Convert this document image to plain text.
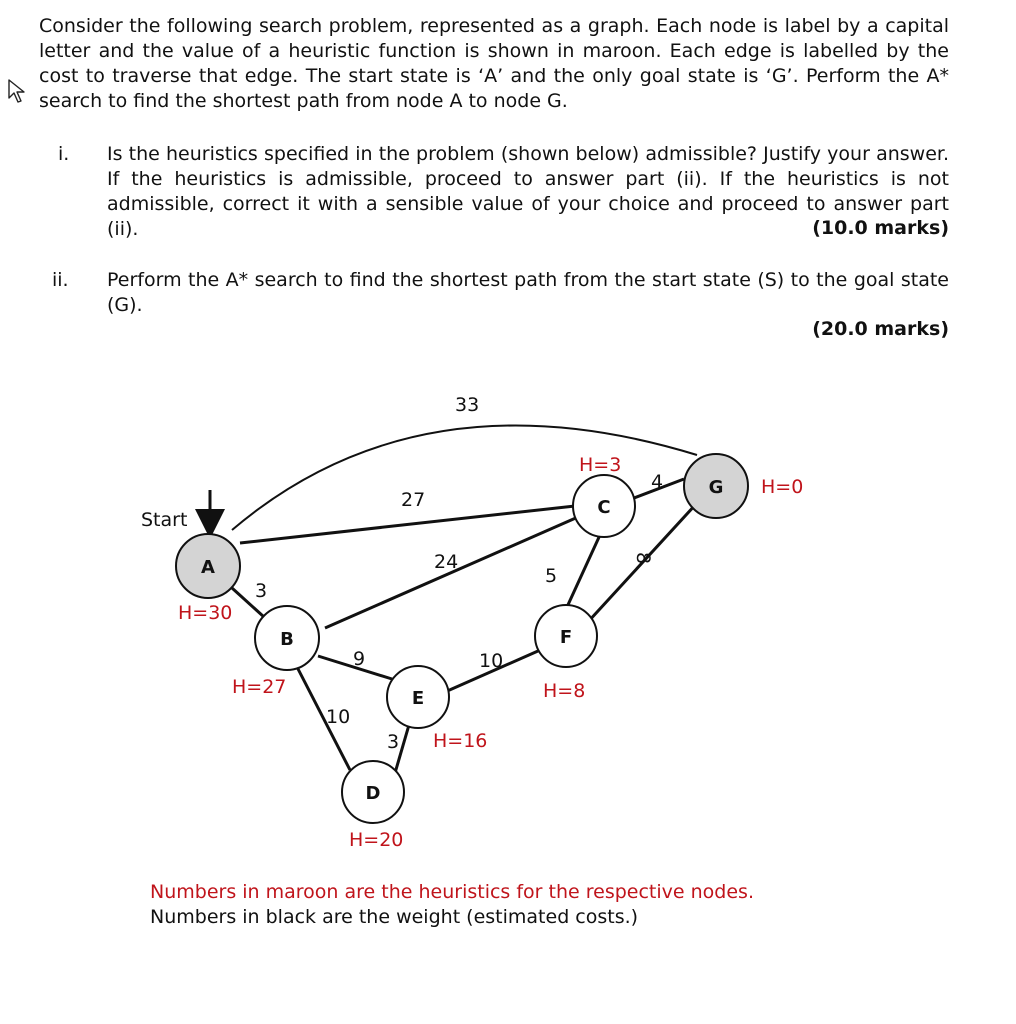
Consider the following search problem, represented as a graph. Each node is label by a capital letter and the value of a heuristic function is shown in maroon. Each edge is labelled by the cost to traverse that edge. The start state is ‘A’ and the only goal state is ‘G’. Perform the A* search to find the shortest path from node A to node G.

i. Is the heuristics specified in the problem (shown below) admissible? Justify your answer. If the heuristics is admissible, proceed to answer part (ii). If the heuristics is not admissible, correct it with a sensible value of your choice and proceed to answer part (ii).	(10.0 marks)
ii. Perform the A* search to find the shortest path from the start state (S) to the goal state (G).

(20.0 marks)
Start
33
27
24
3
9
10
3
10
5
4
8
A
B
C
D
E
F
G
H=30
H=27
H=3
H=20
H=16
H=8
H=0
Numbers in maroon are the heuristics for the respective nodes.
Numbers in black are the weight (estimated costs.)
